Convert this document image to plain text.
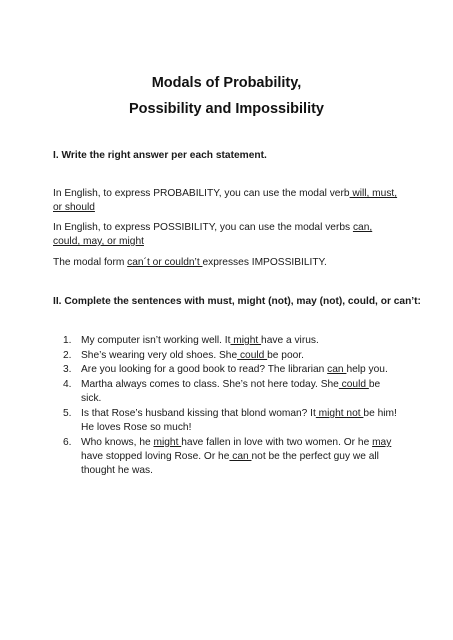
Modals of Probability,
Possibility and Impossibility
I. Write the right answer per each statement.

In English, to express PROBABILITY, you can use the modal verb will, must, or should

In English, to express POSSIBILITY, you can use the modal verbs can, could, may, or might

The modal form can´t or couldn’t expresses IMPOSSIBILITY.

II. Complete the sentences with must, might (not), may (not), could, or can’t:
1. My computer isn’t working well. It might have a virus.
2. She’s wearing very old shoes. She could be poor.
3. Are you looking for a good book to read? The librarian can help you.
4. Martha always comes to class. She’s not here today. She could be sick.
5. Is that Rose’s husband kissing that blond woman? It might not be him! He loves Rose so much!
6. Who knows, he might have fallen in love with two women. Or he may have stopped loving Rose. Or he can not be the perfect guy we all thought he was.
